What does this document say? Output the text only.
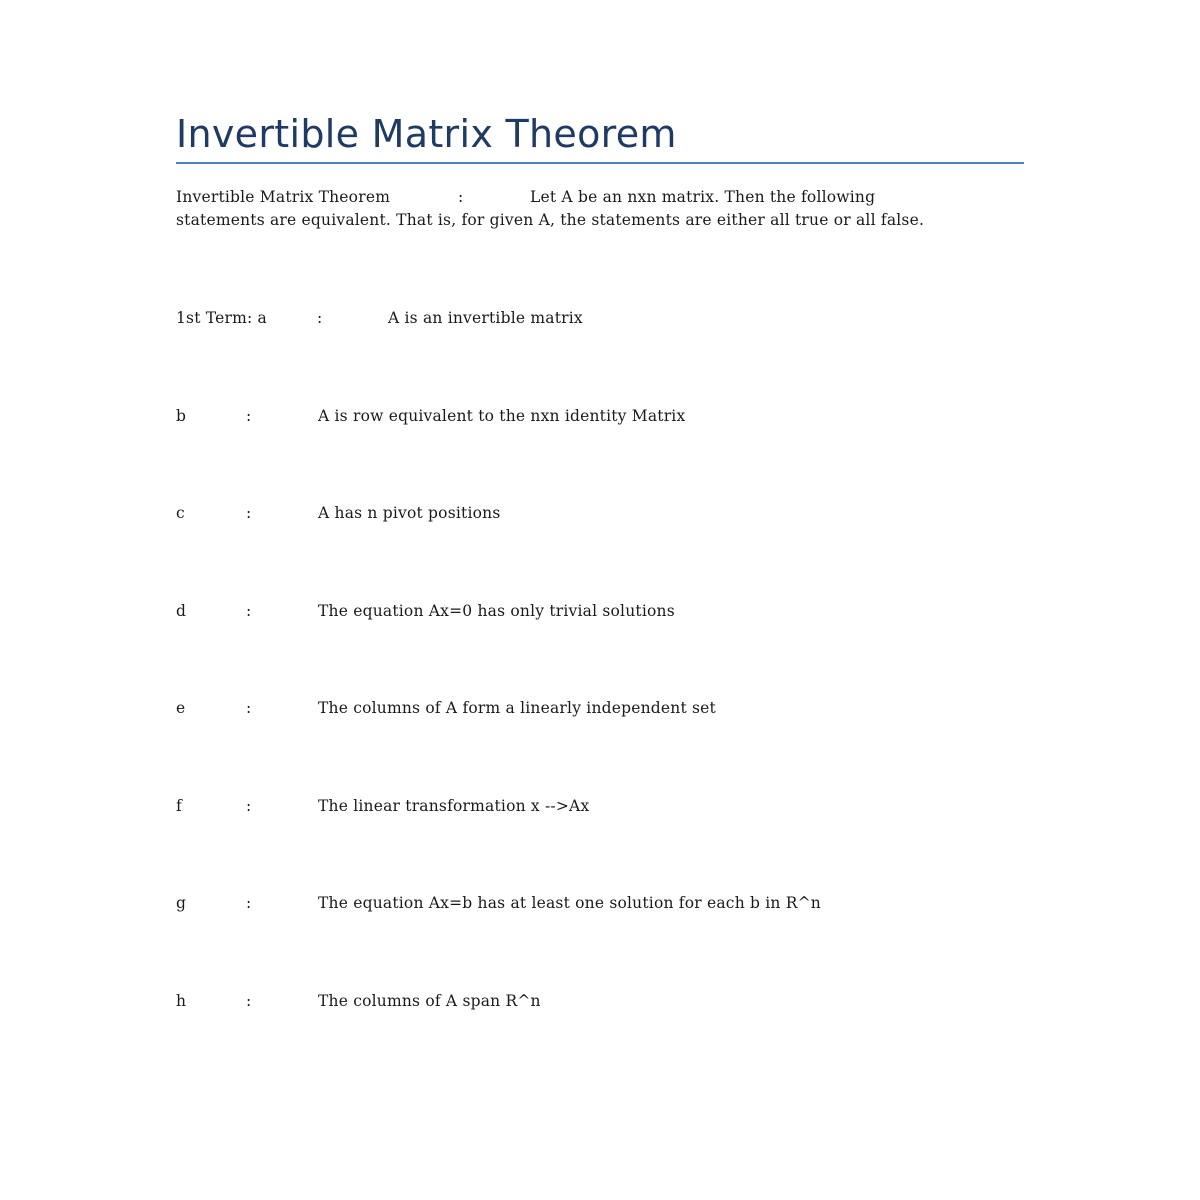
Invertible Matrix Theorem
Invertible Matrix Theorem	:	Let A be an nxn matrix. Then the following
statements are equivalent. That is, for given A, the statements are either all true or all false.
1st Term: a	:	A is an invertible matrix
b	:	A is row equivalent to the nxn identity Matrix
c	:	A has n pivot positions
d	:	The equation Ax=0 has only trivial solutions
e	:	The columns of A form a linearly independent set
f	:	The linear transformation x -->Ax
g	:	The equation Ax=b has at least one solution for each b in R^n
h	:	The columns of A span R^n
